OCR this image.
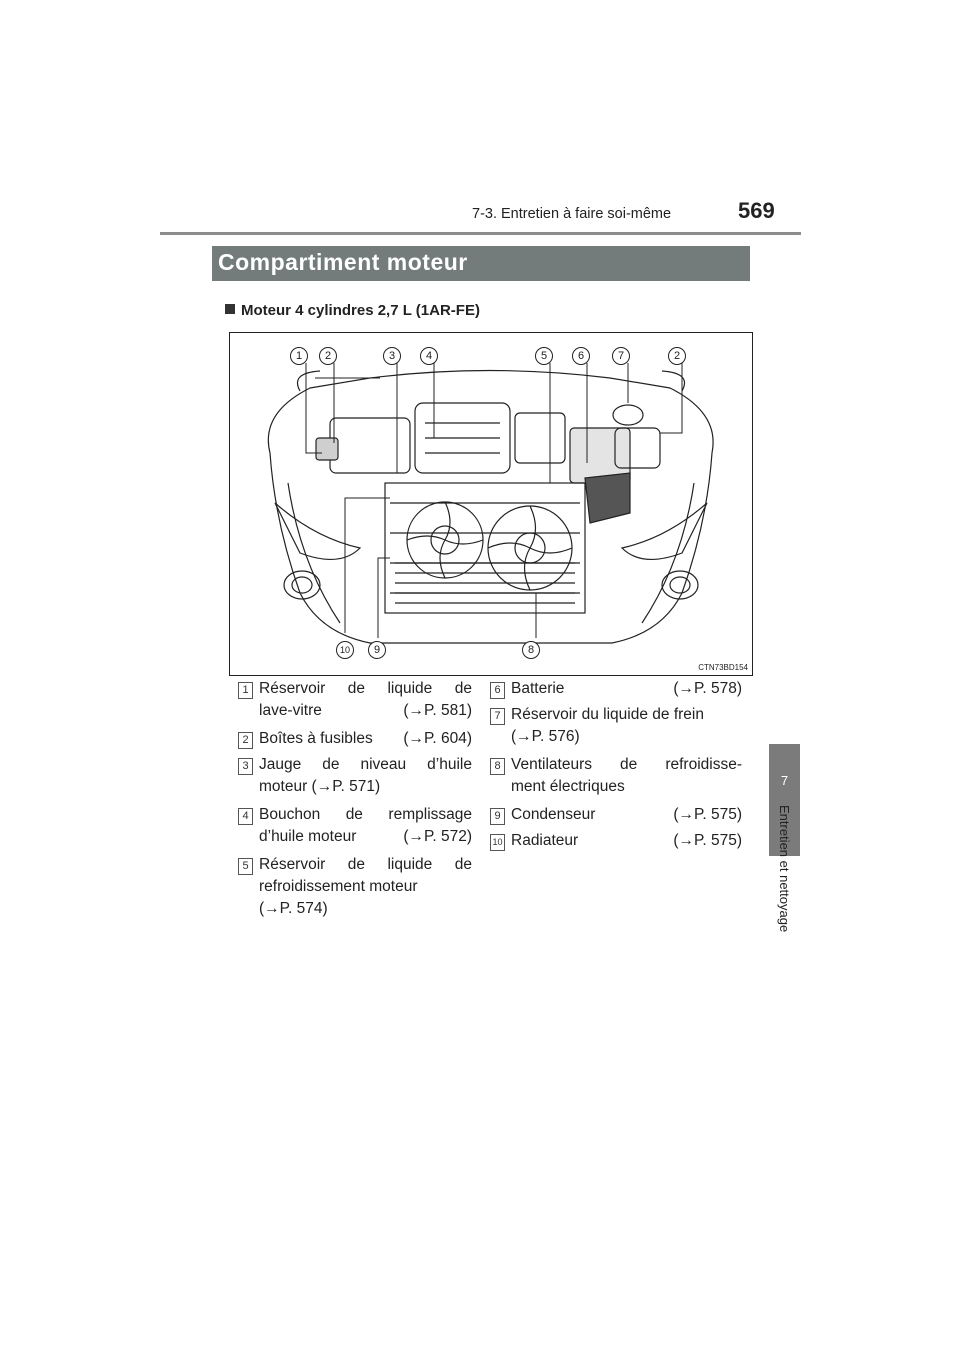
7-3. Entretien à faire soi-même	569
7
Entretien et nettoyage
Compartiment moteur
Moteur 4 cylindres 2,7 L (1AR-FE)
1	2	3	4	5	6	7	2
10	9	8
CTN73BD154
1 Réservoir de liquide de
lave-vitre	(→P. 581)
2 Boîtes à fusibles (→P. 604)
3 Jauge de niveau d’huile
moteur (→P. 571)
4 Bouchon de remplissage
d’huile moteur	(→P. 572)
5 Réservoir de liquide de
refroidissement moteur
(→P. 574)
6 Batterie	(→P. 578)
7 Réservoir du liquide de frein
(→P. 576)
8 Ventilateurs de refroidisse-
ment électriques
9 Condenseur	(→P. 575)
10 Radiateur	(→P. 575)
